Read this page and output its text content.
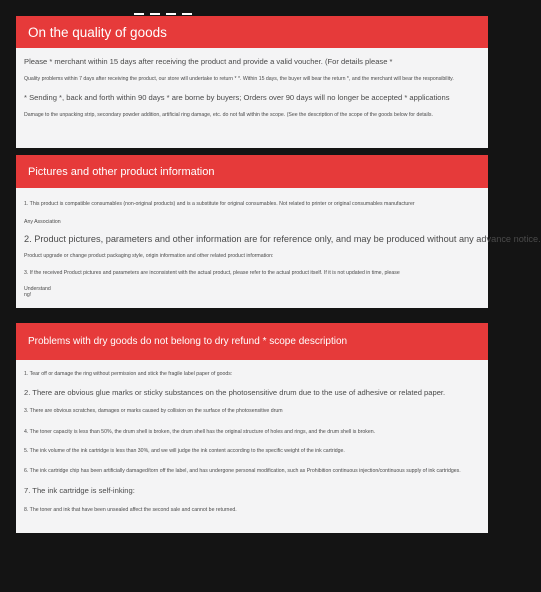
On the quality of goods
Please * merchant within 15 days after receiving the product and provide a valid voucher. (For details please *
Quality problems within 7 days after receiving the product, our store will undertake to return * *. Within 15 days, the buyer will bear the return *, and the merchant will bear the responsibility.
* Sending *, back and forth within 90 days * are borne by buyers; Orders over 90 days will no longer be accepted * applications
Damage to the unpacking strip, secondary powder addition, artificial ring damage, etc. do not fall within the scope. (See the description of the scope of the goods below for details.
Pictures and other product information
1. This product is compatible consumables (non-original products) and is a substitute for original consumables. Not related to printer or original consumables manufacturer
Any Association
2. Product pictures, parameters and other information are for reference only, and may be produced without any advance notice.
Product upgrade or change product packaging style, origin information and other related product information:
3. If the received Product pictures and parameters are inconsistent with the actual product, please refer to the actual product itself. If it is not updated in time, please
Understand
ng!
Problems with dry goods do not belong to dry refund * scope description
1. Tear off or damage the ring without permission and stick the fragile label paper of goods:
2. There are obvious glue marks or sticky substances on the photosensitive drum due to the use of adhesive or related paper.
3. There are obvious scratches, damages or marks caused by collision on the surface of the photosensitive drum
4. The toner capacity is less than 50%, the drum shell is broken, the drum shell has the original structure of holes and rings, and the drum shell is broken.
5. The ink volume of the ink cartridge is less than 30%, and we will judge the ink content according to the specific weight of the ink cartridge.
6. The ink cartridge chip has been artificially damaged/torn off the label, and has undergone personal modification, such as Prohibition continuous injection/continuous supply of ink cartridges.
7. The ink cartridge is self-inking:
8. The toner and ink that have been unsealed affect the second sale and cannot be returned.
